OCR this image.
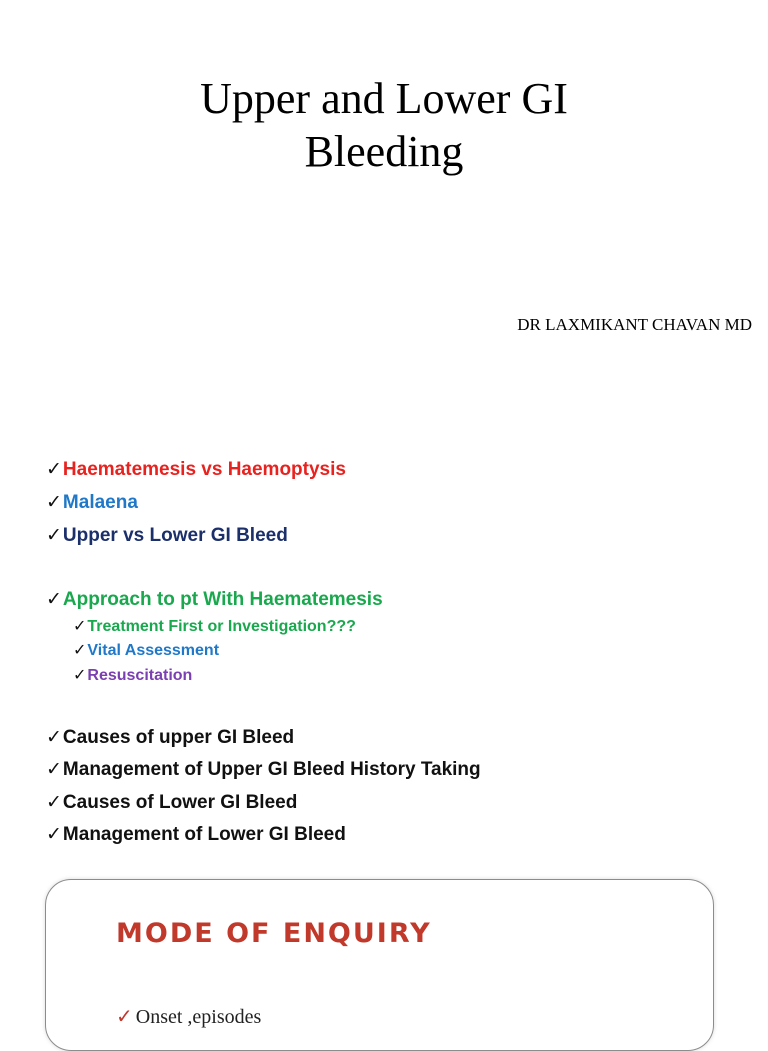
Upper and Lower GI
Bleeding
DR LAXMIKANT CHAVAN MD
✓Haematemesis vs Haemoptysis
✓Malaena
✓Upper vs Lower GI Bleed
✓Approach to pt With Haematemesis
✓Treatment First or Investigation???
✓Vital Assessment
✓Resuscitation
✓Causes of upper GI Bleed
✓Management of Upper GI Bleed History Taking
✓Causes of Lower GI Bleed
✓Management of Lower GI Bleed
MODE OF ENQUIRY
✓ Onset ,episodes
